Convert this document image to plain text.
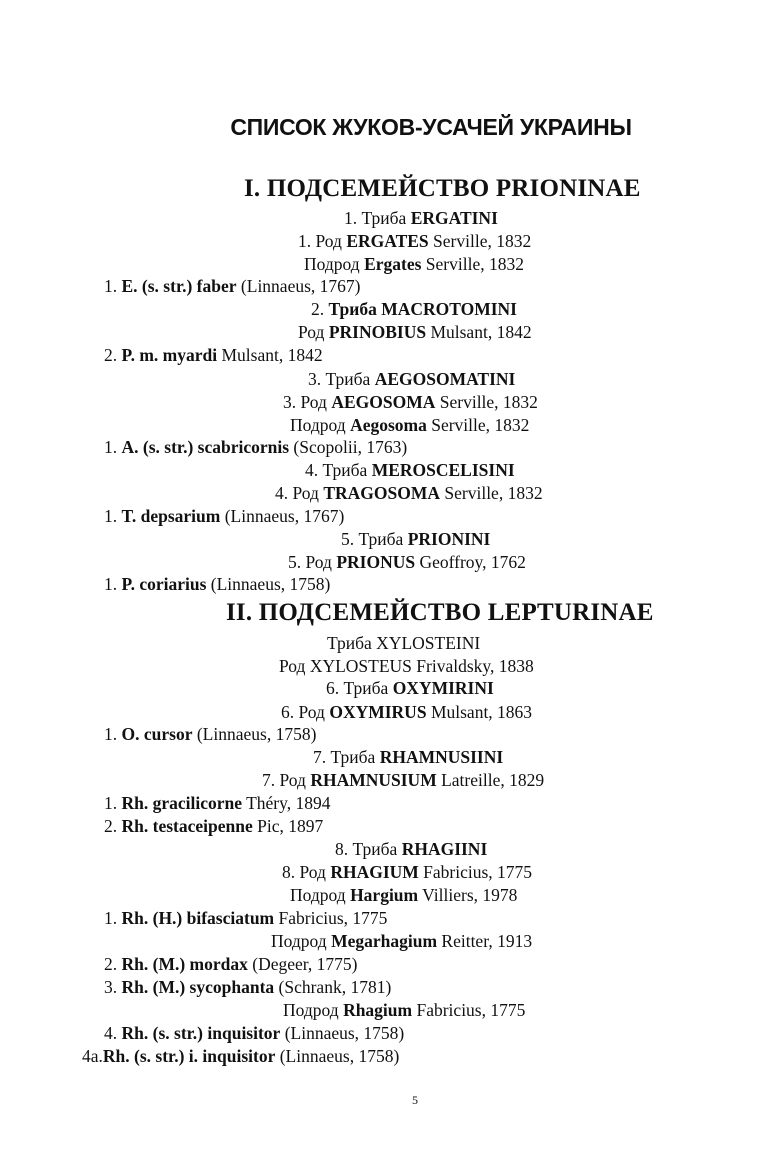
СПИСОК ЖУКОВ-УСАЧЕЙ УКРАИНЫ
I. ПОДСЕМЕЙСТВО PRIONINAE
II. ПОДСЕМЕЙСТВО LEPTURINAE
1. Триба ERGATINI
1. Род ERGATES Serville, 1832
Подрод Ergates Serville, 1832
1. E. (s. str.) faber (Linnaeus, 1767)
2. Триба MACROTOMINI
Род PRINOBIUS Mulsant, 1842
2. P. m. myardi Mulsant, 1842
3. Триба AEGOSOMATINI
3. Род AEGOSOMA Serville, 1832
Подрод Aegosoma Serville, 1832
1. A. (s. str.) scabricornis (Scopolii, 1763)
4. Триба MEROSCELISINI
4. Род TRAGOSOMA Serville, 1832
1. T. depsarium (Linnaeus, 1767)
5. Триба PRIONINI
5. Род PRIONUS Geoffroy, 1762
1. P. coriarius (Linnaeus, 1758)
Триба XYLOSTEINI
Род XYLOSTEUS Frivaldsky, 1838
6. Триба OXYMIRINI
6. Род OXYMIRUS Mulsant, 1863
1. O. cursor (Linnaeus, 1758)
7. Триба RHAMNUSIINI
7. Род RHAMNUSIUM Latreille, 1829
1. Rh. gracilicorne Théry, 1894
2. Rh. testaceipenne Pic, 1897
8. Триба RHAGIINI
8. Род RHAGIUM Fabricius, 1775
Подрод Hargium Villiers, 1978
1. Rh. (H.) bifasciatum Fabricius, 1775
Подрод Megarhagium Reitter, 1913
2. Rh. (M.) mordax (Degeer, 1775)
3. Rh. (M.) sycophanta (Schrank, 1781)
Подрод Rhagium Fabricius, 1775
4. Rh. (s. str.) inquisitor (Linnaeus, 1758)
4a.Rh. (s. str.) i. inquisitor (Linnaeus, 1758)
5
